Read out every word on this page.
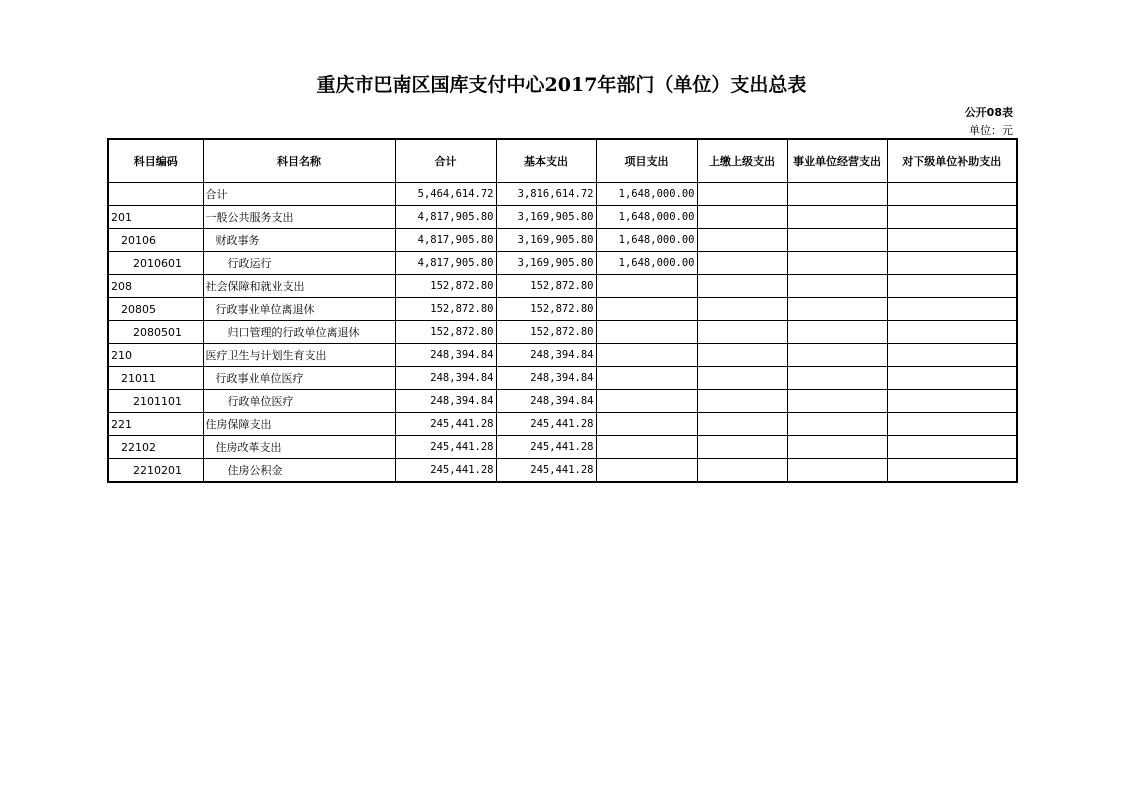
重庆市巴南区国库支付中心2017年部门（单位）支出总表
公开08表
单位：元
科目编码	科目名称	合计	基本支出	项目支出	上缴上级支出	事业单位经营支出	对下级单位补助支出
	合计	5,464,614.72	3,816,614.72	1,648,000.00			
201	一般公共服务支出	4,817,905.80	3,169,905.80	1,648,000.00			
20106	财政事务	4,817,905.80	3,169,905.80	1,648,000.00			
2010601	行政运行	4,817,905.80	3,169,905.80	1,648,000.00			
208	社会保障和就业支出	152,872.80	152,872.80				
20805	行政事业单位离退休	152,872.80	152,872.80				
2080501	归口管理的行政单位离退休	152,872.80	152,872.80				
210	医疗卫生与计划生育支出	248,394.84	248,394.84				
21011	行政事业单位医疗	248,394.84	248,394.84				
2101101	行政单位医疗	248,394.84	248,394.84				
221	住房保障支出	245,441.28	245,441.28				
22102	住房改革支出	245,441.28	245,441.28				
2210201	住房公积金	245,441.28	245,441.28				
